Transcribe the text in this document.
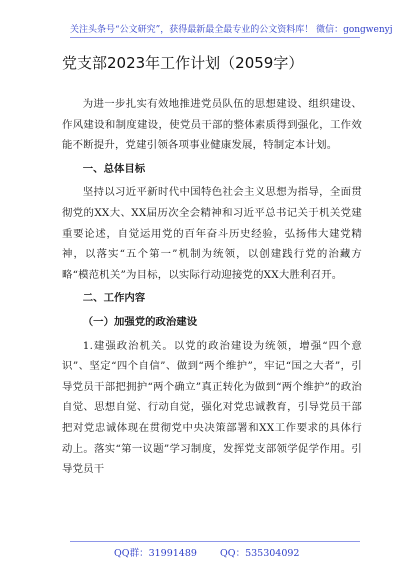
关注头条号“公文研究”，获得最新最全最专业的公文资料库！ 微信：gongwenyj
党支部2023年工作计划（2059字）

为进一步扎实有效地推进党员队伍的思想建设、组织建设、作风建设和制度建设，使党员干部的整体素质得到强化，工作效能不断提升，党建引领各项事业健康发展，特制定本计划。

一、总体目标

坚持以习近平新时代中国特色社会主义思想为指导，全面贯彻党的XX大、XX届历次全会精神和习近平总书记关于机关党建重要论述，自觉运用党的百年奋斗历史经验，弘扬伟大建党精神，以落实“五个第一”机制为统领，以创建践行党的治藏方略“模范机关”为目标，以实际行动迎接党的XX大胜利召开。

二、工作内容

（一）加强党的政治建设

1.建强政治机关。以党的政治建设为统领，增强“四个意识”、坚定“四个自信”、做到“两个维护”，牢记“国之大者”，引导党员干部把拥护“两个确立”真正转化为做到“两个维护”的政治自觉、思想自觉、行动自觉，强化对党忠诚教育，引导党员干部把对党忠诚体现在贯彻党中央决策部署和XX工作要求的具体行动上。落实“第一议题”学习制度，发挥党支部领学促学作用。引导党员干

QQ群：31991489 QQ：535304092
